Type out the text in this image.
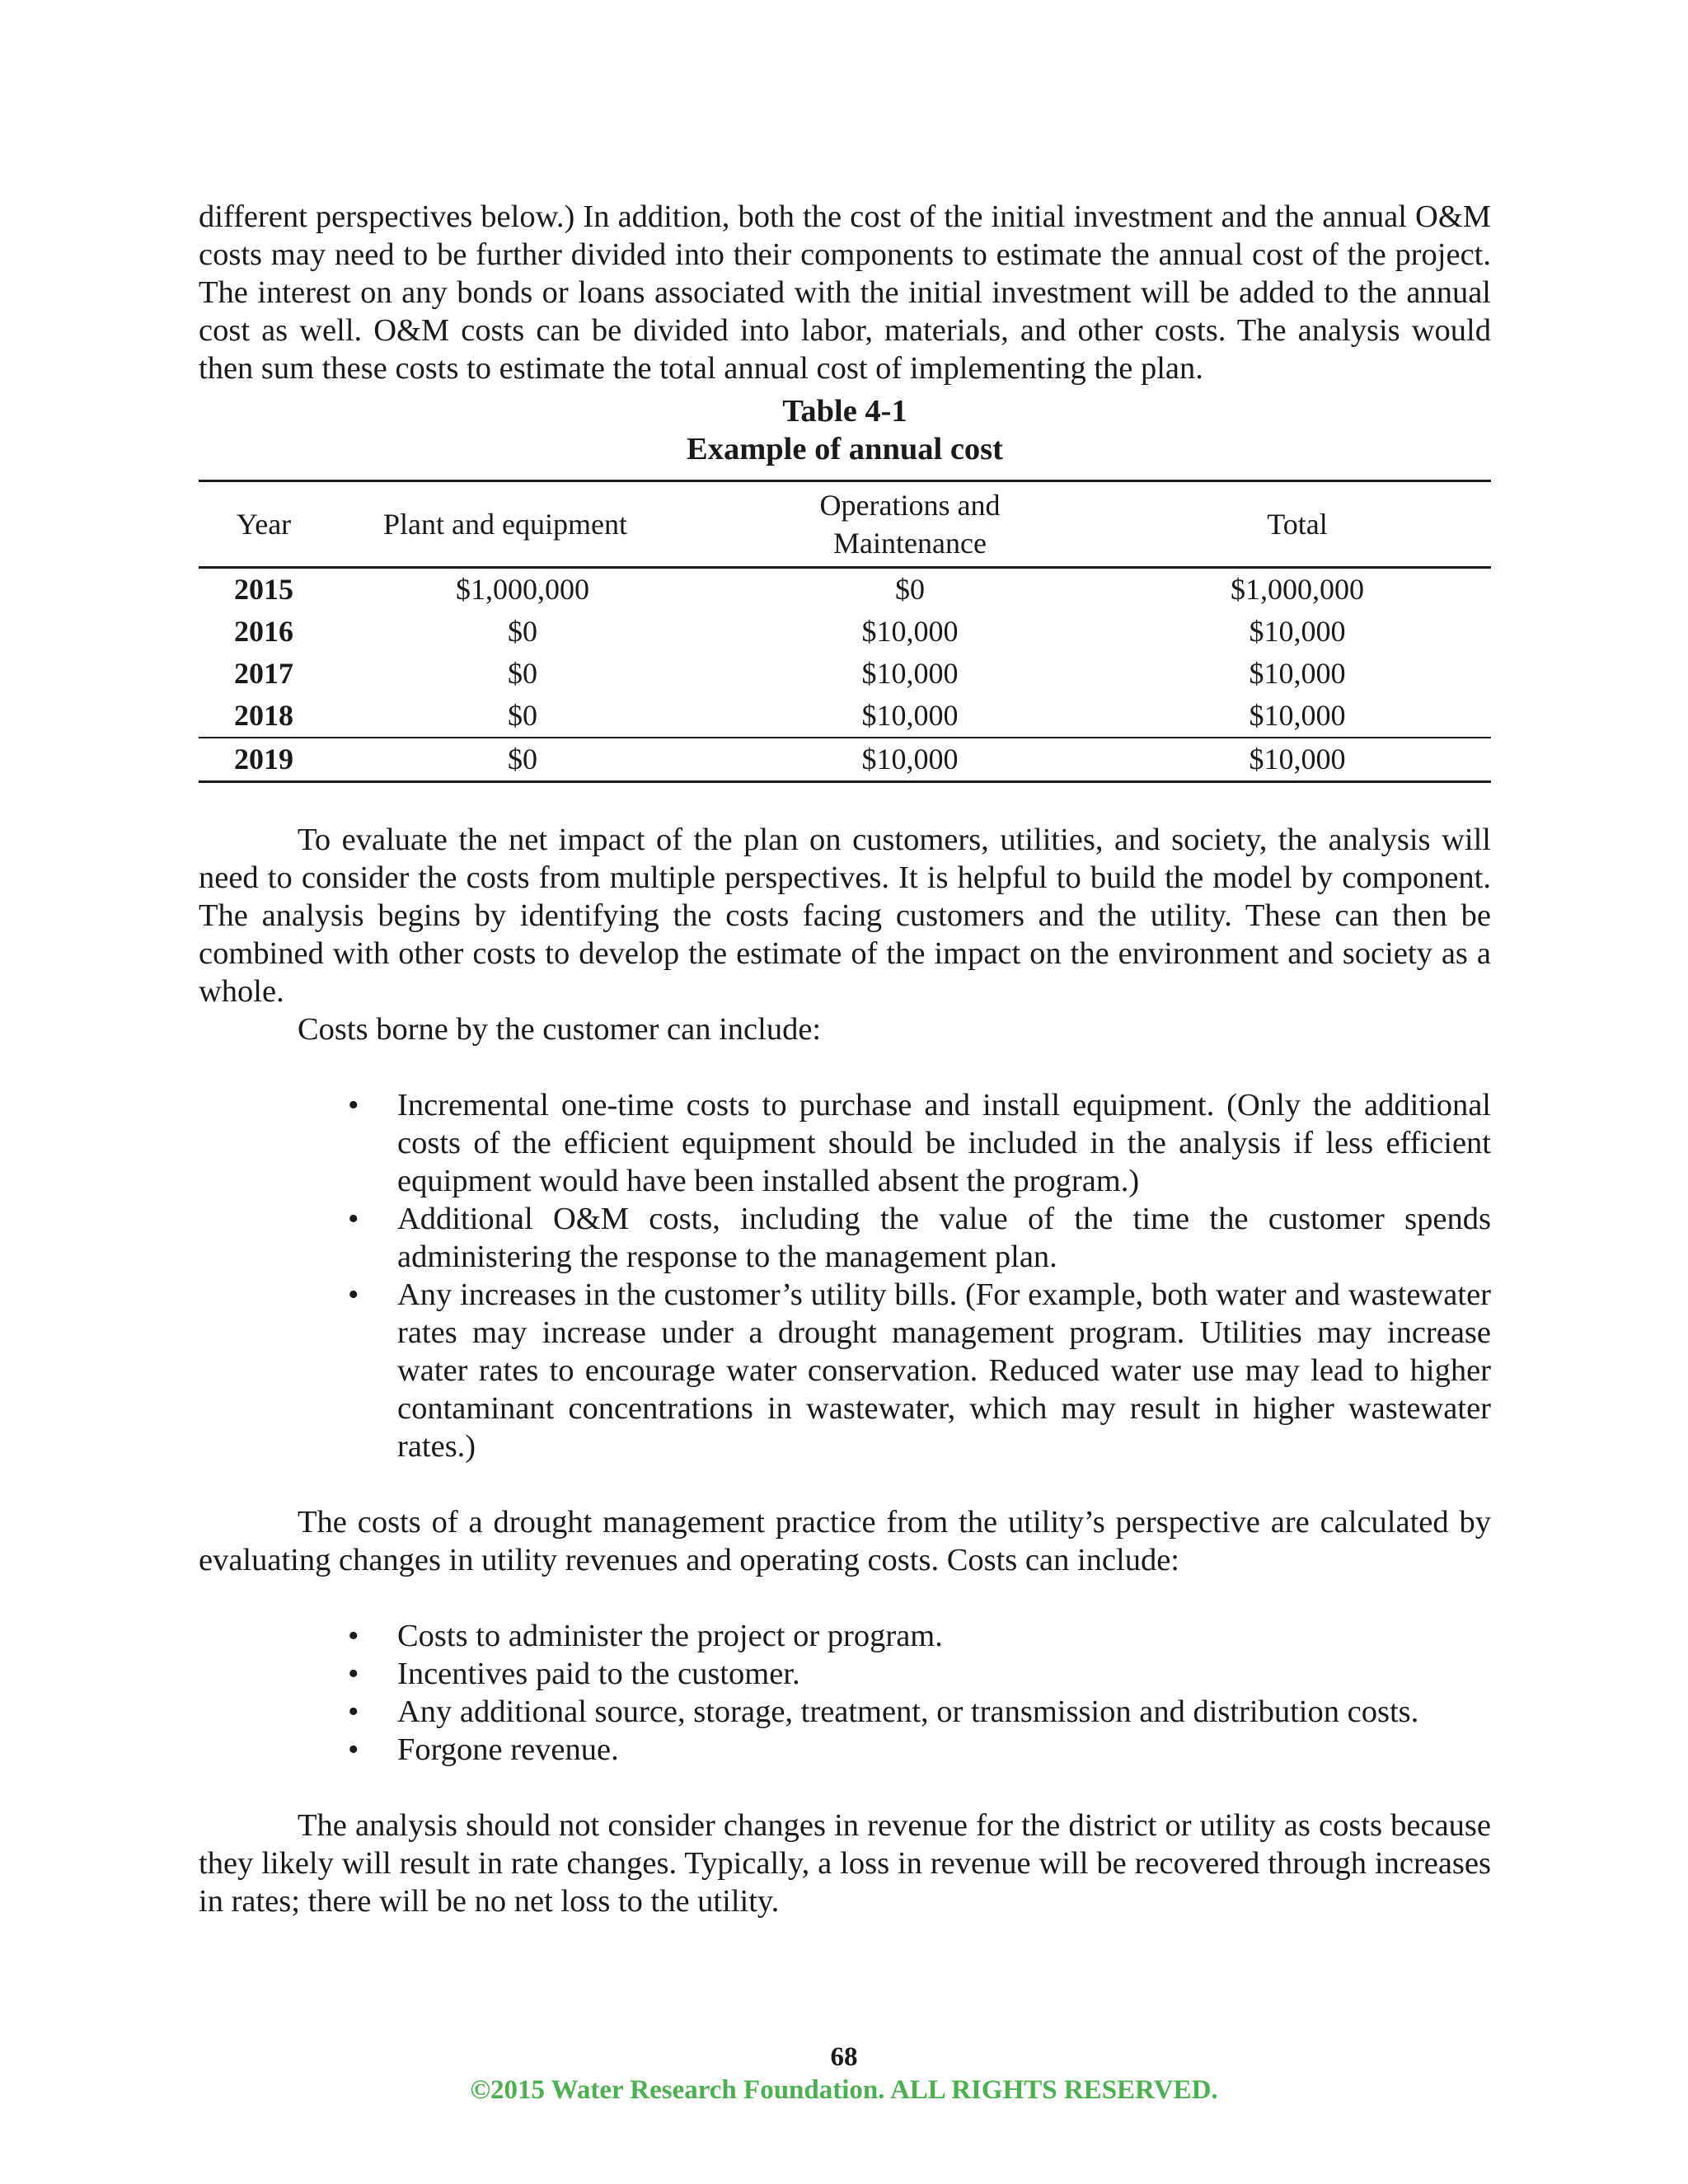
different perspectives below.) In addition, both the cost of the initial investment and the annual O&M costs may need to be further divided into their components to estimate the annual cost of the project. The interest on any bonds or loans associated with the initial investment will be added to the annual cost as well. O&M costs can be divided into labor, materials, and other costs. The analysis would then sum these costs to estimate the total annual cost of implementing the plan.

Table 4-1
Example of annual cost
Year	Plant and equipment	Operations and Maintenance	Total
2015	$1,000,000	$0	$1,000,000
2016	$0	$10,000	$10,000
2017	$0	$10,000	$10,000
2018	$0	$10,000	$10,000
2019	$0	$10,000	$10,000

To evaluate the net impact of the plan on customers, utilities, and society, the analysis will need to consider the costs from multiple perspectives. It is helpful to build the model by component. The analysis begins by identifying the costs facing customers and the utility. These can then be combined with other costs to develop the estimate of the impact on the environment and society as a whole.

Costs borne by the customer can include:

• Incremental one-time costs to purchase and install equipment. (Only the additional costs of the efficient equipment should be included in the analysis if less efficient equipment would have been installed absent the program.)
• Additional O&M costs, including the value of the time the customer spends administering the response to the management plan.
• Any increases in the customer’s utility bills. (For example, both water and wastewater rates may increase under a drought management program. Utilities may increase water rates to encourage water conservation. Reduced water use may lead to higher contaminant concentrations in wastewater, which may result in higher wastewater rates.)

The costs of a drought management practice from the utility’s perspective are calculated by evaluating changes in utility revenues and operating costs. Costs can include:

• Costs to administer the project or program.
• Incentives paid to the customer.
• Any additional source, storage, treatment, or transmission and distribution costs.
• Forgone revenue.

The analysis should not consider changes in revenue for the district or utility as costs because they likely will result in rate changes. Typically, a loss in revenue will be recovered through increases in rates; there will be no net loss to the utility.

68
©2015 Water Research Foundation. ALL RIGHTS RESERVED.
